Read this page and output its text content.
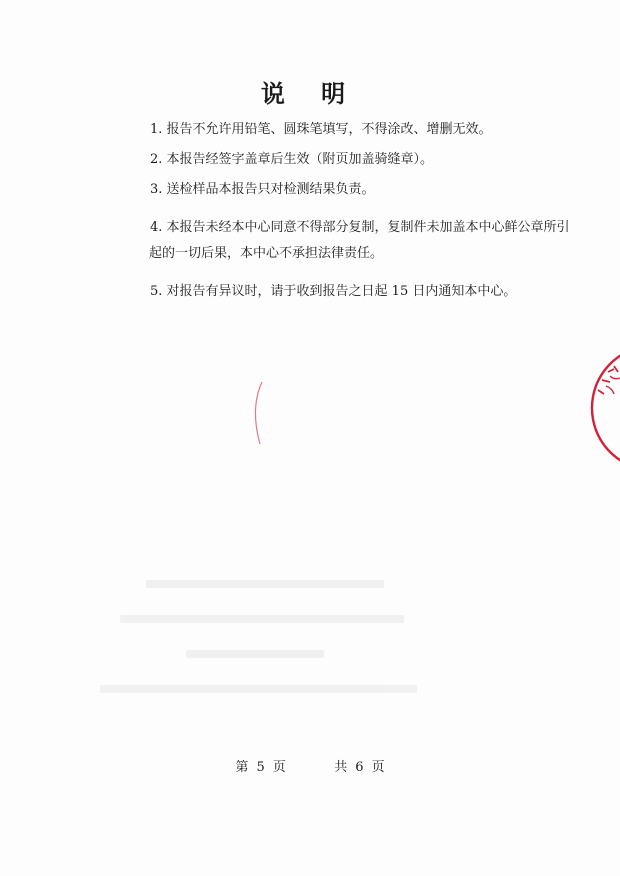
说 明
1. 报告不允许用铅笔、圆珠笔填写，不得涂改、增删无效。
2. 本报告经签字盖章后生效（附页加盖骑缝章）。
3. 送检样品本报告只对检测结果负责。
4. 本报告未经本中心同意不得部分复制，复制件未加盖本中心鲜公章所引
起的一切后果，本中心不承担法律责任。
5. 对报告有异议时，请于收到报告之日起 15 日内通知本中心。
第 5 页	共 6 页
